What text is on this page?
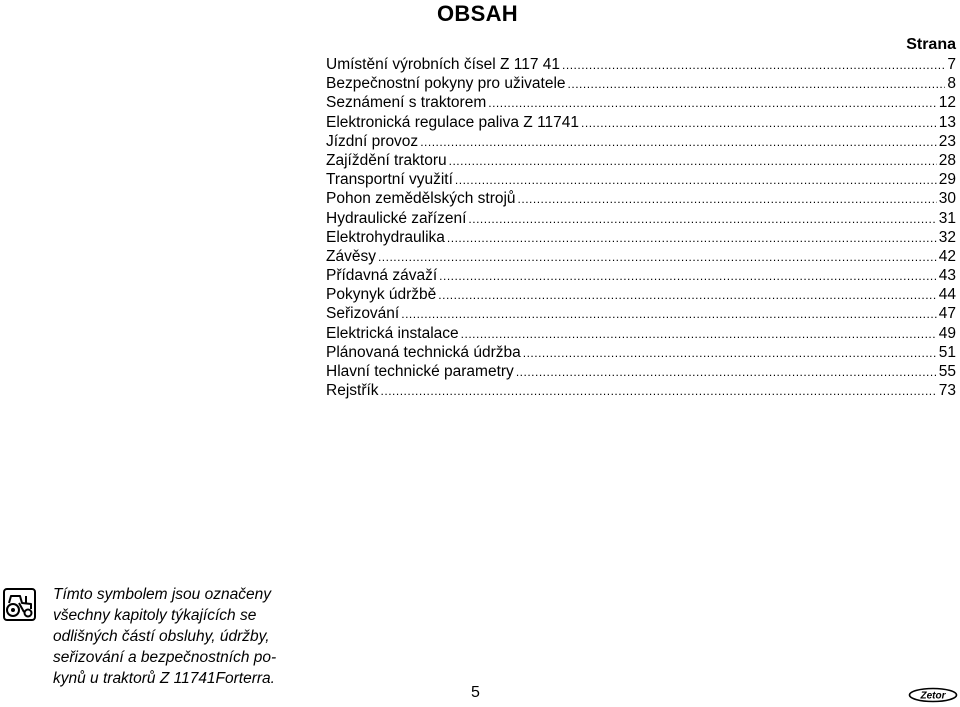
OBSAH
Strana
Umístění výrobních čísel Z 117 41 .....	7
Bezpečnostní pokyny pro uživatele .....	8
Seznámení s traktorem .....	12
Elektronická regulace paliva Z 11741 .....	13
Jízdní provoz .....	23
Zajíždění traktoru .....	28
Transportní využití .....	29
Pohon zemědělských strojů .....	30
Hydraulické zařízení .....	31
Elektrohydraulika .....	32
Závěsy .....	42
Přídavná závaží .....	43
Pokynyk údržbě .....	44
Seřizování .....	47
Elektrická instalace .....	49
Plánovaná technická údržba .....	51
Hlavní technické parametry .....	55
Rejstřík .....	73
Tímto symbolem jsou označeny
všechny kapitoly týkajících se
odlišných částí obsluhy, údržby,
seřizování a bezpečnostních po-
kynů u traktorů Z 11741Forterra.
5	Zetor
